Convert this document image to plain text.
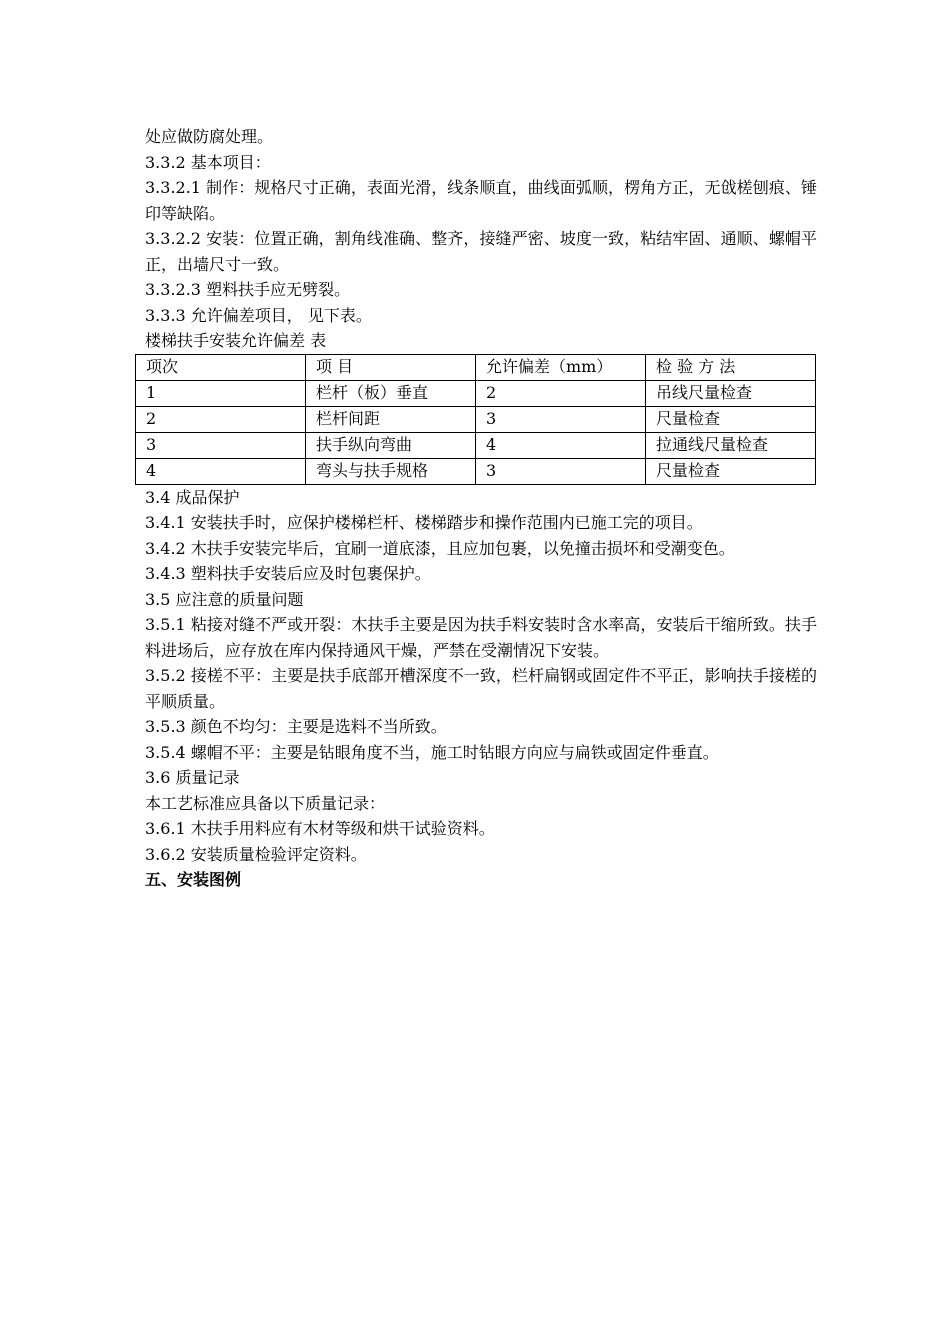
处应做防腐处理。

3.3.2 基本项目：

3.3.2.1 制作：规格尺寸正确，表面光滑，线条顺直，曲线面弧顺，楞角方正，无戗槎刨痕、锤印等缺陷。

3.3.2.2 安装：位置正确，割角线准确、整齐，接缝严密、坡度一致，粘结牢固、通顺、螺帽平正，出墙尺寸一致。

3.3.2.3 塑料扶手应无劈裂。

3.3.3 允许偏差项目， 见下表。

楼梯扶手安装允许偏差 表

项次	项 目	允许偏差（mm）	检 验 方 法
1	栏杆（板）垂直	2	吊线尺量检查
2	栏杆间距	3	尺量检查
3	扶手纵向弯曲	4	拉通线尺量检查
4	弯头与扶手规格	3	尺量检查

3.4 成品保护

3.4.1 安装扶手时，应保护楼梯栏杆、楼梯踏步和操作范围内已施工完的项目。

3.4.2 木扶手安装完毕后，宜刷一道底漆，且应加包裹，以免撞击损坏和受潮变色。

3.4.3 塑料扶手安装后应及时包裹保护。

3.5 应注意的质量问题

3.5.1 粘接对缝不严或开裂：木扶手主要是因为扶手料安装时含水率高，安装后干缩所致。扶手料进场后，应存放在库内保持通风干燥，严禁在受潮情况下安装。

3.5.2 接槎不平：主要是扶手底部开槽深度不一致，栏杆扁钢或固定件不平正，影响扶手接槎的平顺质量。

3.5.3 颜色不均匀：主要是选料不当所致。

3.5.4 螺帽不平：主要是钻眼角度不当，施工时钻眼方向应与扁铁或固定件垂直。

3.6 质量记录

本工艺标准应具备以下质量记录：

3.6.1 木扶手用料应有木材等级和烘干试验资料。

3.6.2 安装质量检验评定资料。

五、安装图例
